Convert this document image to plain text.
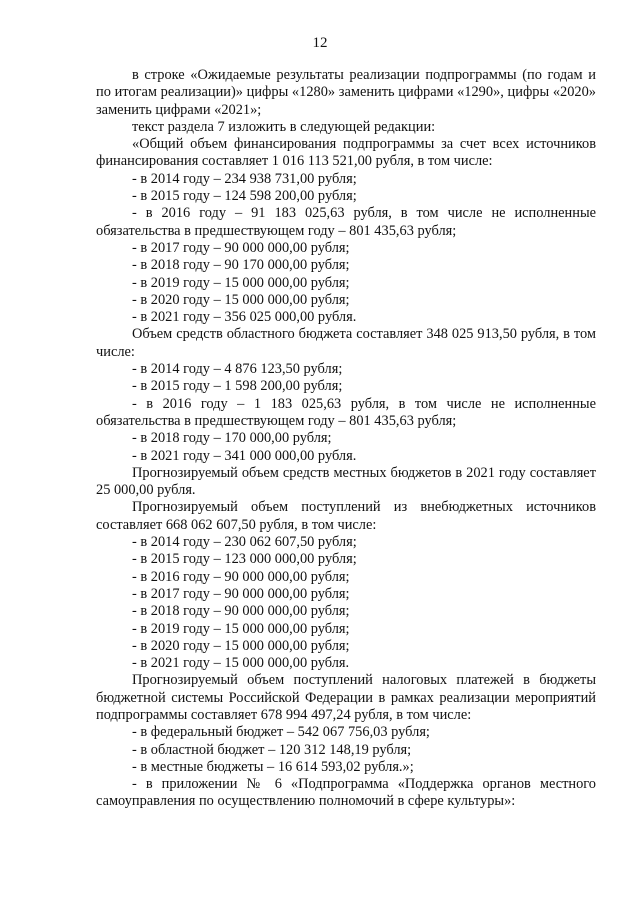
12

в строке «Ожидаемые результаты реализации подпрограммы (по годам и по итогам реализации)» цифры «1280» заменить цифрами «1290», цифры «2020» заменить цифрами «2021»;

текст раздела 7 изложить в следующей редакции:

«Общий объем финансирования подпрограммы за счет всех источников финансирования составляет 1 016 113 521,00 рубля, в том числе:

- в 2014 году – 234 938 731,00 рубля;

- в 2015 году – 124 598 200,00 рубля;

- в 2016 году – 91 183 025,63 рубля, в том числе не исполненные обязательства в предшествующем году – 801 435,63 рубля;

- в 2017 году – 90 000 000,00 рубля;

- в 2018 году – 90 170 000,00 рубля;

- в 2019 году – 15 000 000,00 рубля;

- в 2020 году – 15 000 000,00 рубля;

- в 2021 году – 356 025 000,00 рубля.

Объем средств областного бюджета составляет 348 025 913,50 рубля, в том числе:

- в 2014 году – 4 876 123,50 рубля;

- в 2015 году – 1 598 200,00 рубля;

- в 2016 году – 1 183 025,63 рубля, в том числе не исполненные обязательства в предшествующем году – 801 435,63 рубля;

- в 2018 году – 170 000,00 рубля;

- в 2021 году – 341 000 000,00 рубля.

Прогнозируемый объем средств местных бюджетов в 2021 году составляет 25 000,00 рубля.

Прогнозируемый объем поступлений из внебюджетных источников составляет 668 062 607,50 рубля, в том числе:

- в 2014 году – 230 062 607,50 рубля;

- в 2015 году – 123 000 000,00 рубля;

- в 2016 году – 90 000 000,00 рубля;

- в 2017 году – 90 000 000,00 рубля;

- в 2018 году – 90 000 000,00 рубля;

- в 2019 году – 15 000 000,00 рубля;

- в 2020 году – 15 000 000,00 рубля;

- в 2021 году – 15 000 000,00 рубля.

Прогнозируемый объем поступлений налоговых платежей в бюджеты бюджетной системы Российской Федерации в рамках реализации мероприятий подпрограммы составляет 678 994 497,24 рубля, в том числе:

- в федеральный бюджет – 542 067 756,03 рубля;

- в областной бюджет – 120 312 148,19 рубля;

- в местные бюджеты – 16 614 593,02 рубля.»;

- в приложении № 6 «Подпрограмма «Поддержка органов местного самоуправления по осуществлению полномочий в сфере культуры»:
